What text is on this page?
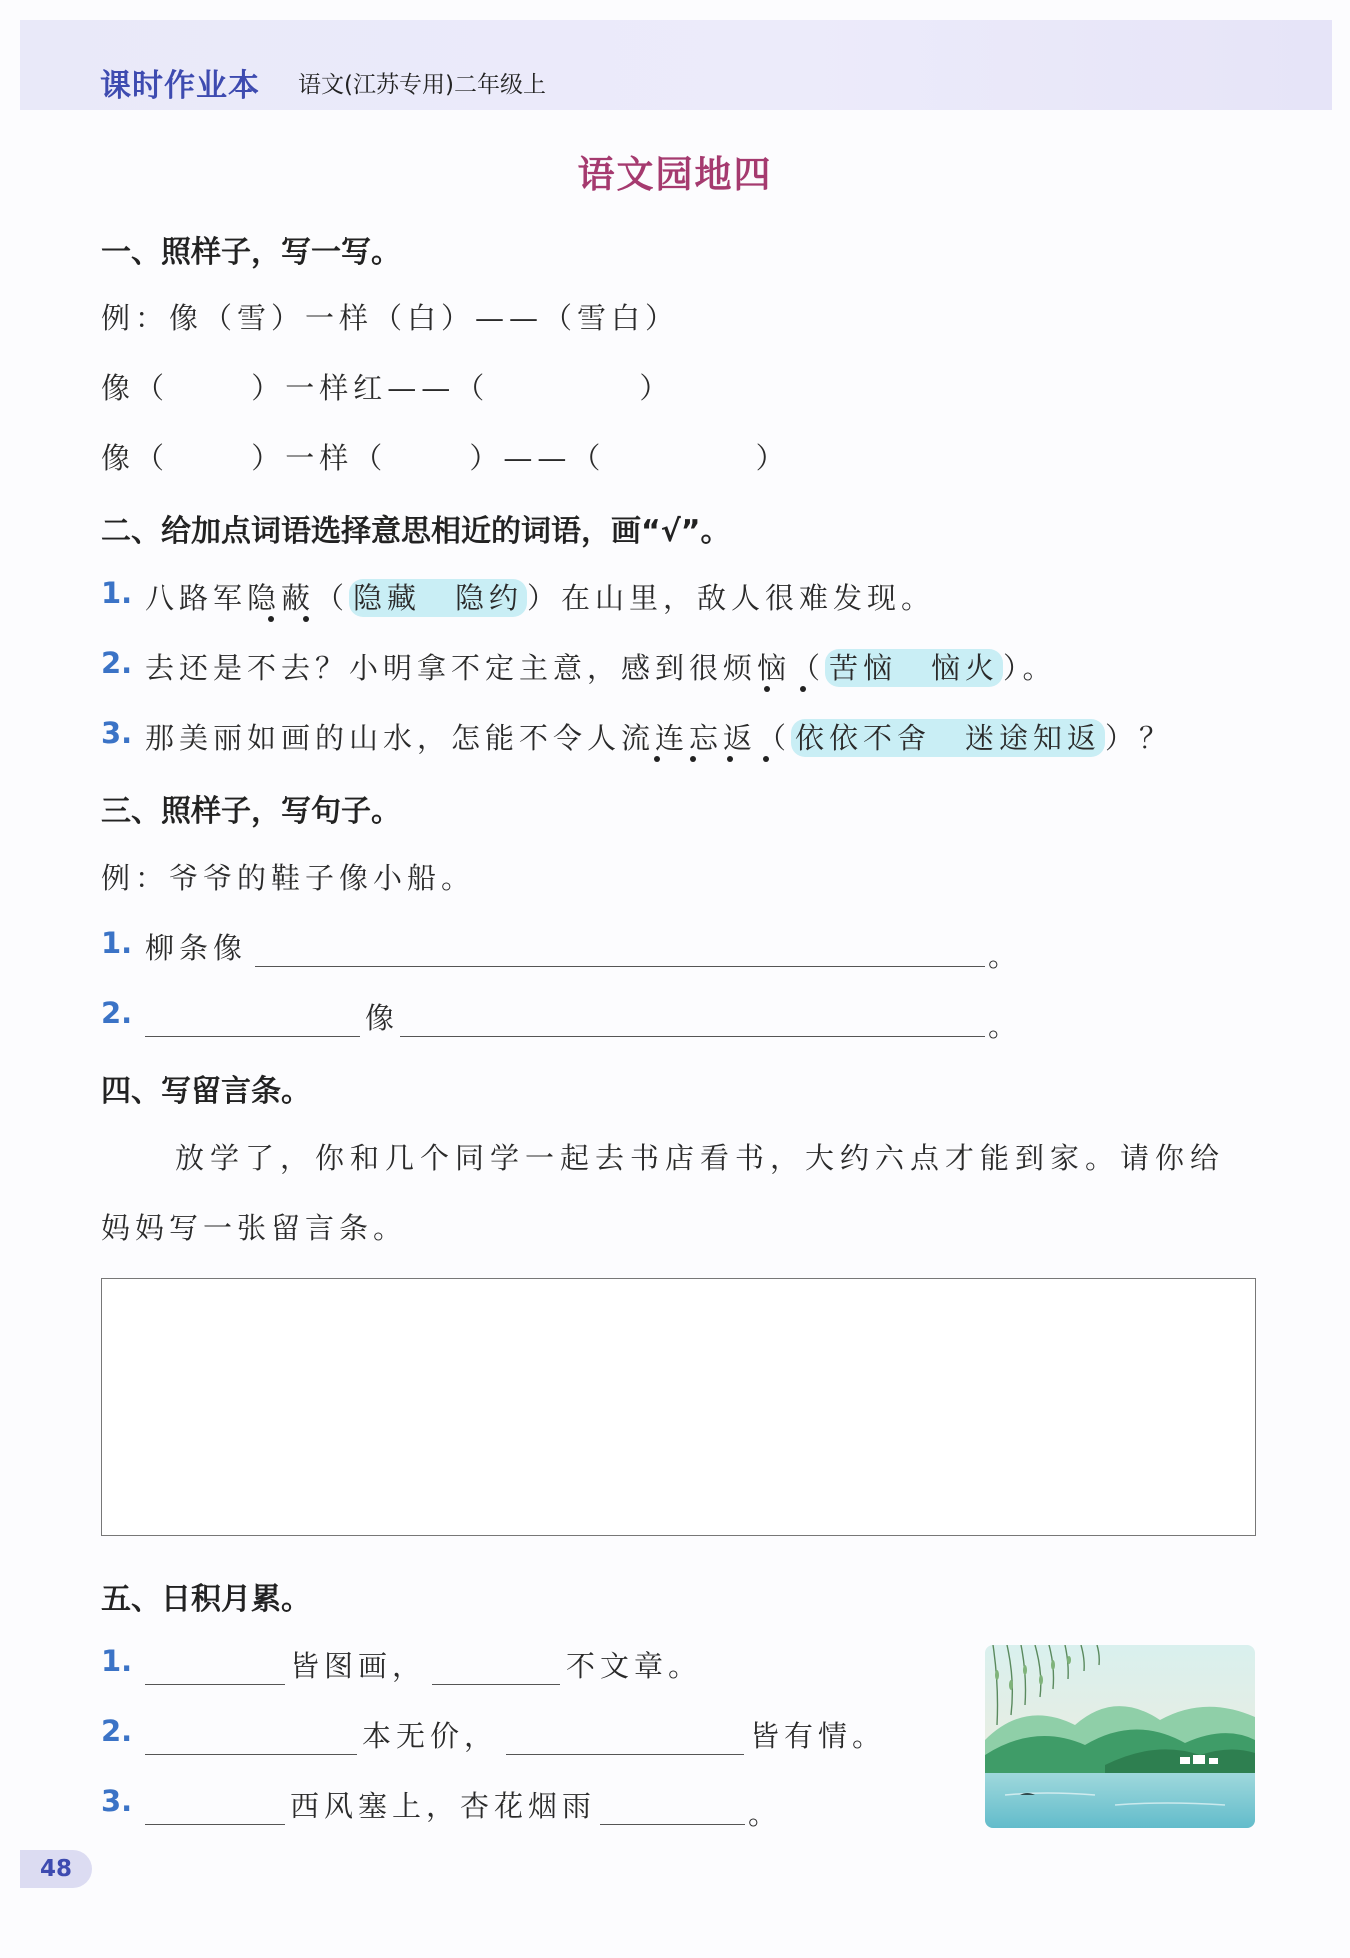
课时作业本 语文(江苏专用)二年级上
语文园地四
一、照样子，写一写。
例：像（雪）一样（白）——（雪白）
像（　　 ）一样红——（　　　　 ）
像（　　 ）一样（　　 ）——（　　　　 ）
二、给加点词语选择意思相近的词语，画“√”。
1. 八路军隐蔽（ 隐藏　隐约 ）在山里，敌人很难发现。
2. 去还是不去？小明拿不定主意，感到很烦恼（ 苦恼　恼火 ）。
3. 那美丽如画的山水，怎能不令人流连忘返（ 依依不舍　迷途知返 ）？
三、照样子，写句子。
例：爷爷的鞋子像小船。
1. 柳条像	。
2.	像	。
四、写留言条。
放学了，你和几个同学一起去书店看书，大约六点才能到家。请你给
妈妈写一张留言条。
五、日积月累。
1.	皆图画，	不文章。
2.	本无价，	皆有情。
3.	西风塞上，杏花烟雨	。
48
